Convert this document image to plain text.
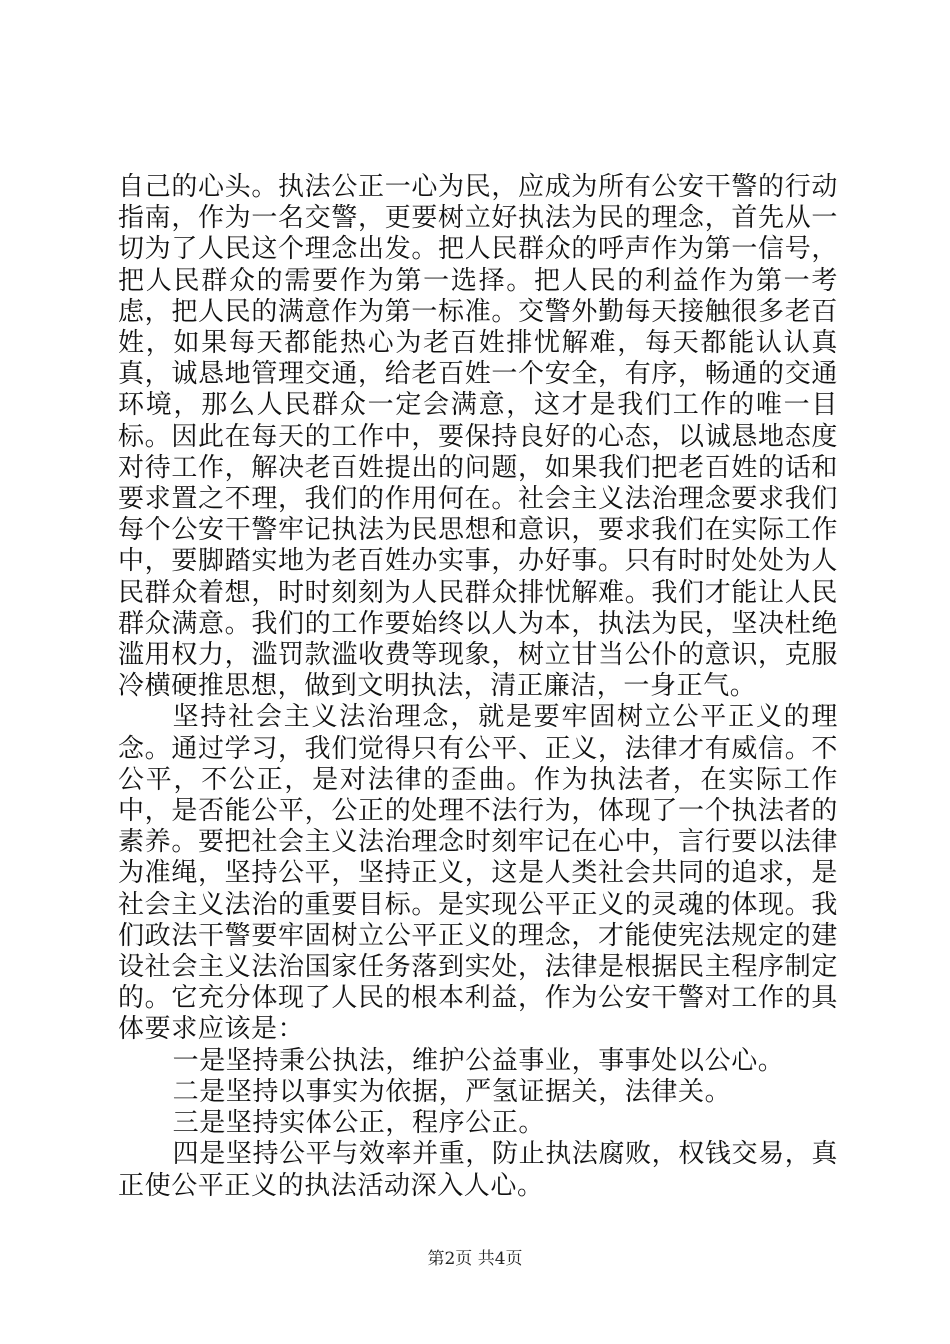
自己的心头。执法公正一心为民，应成为所有公安干警的行动指南，作为一名交警，更要树立好执法为民的理念，首先从一切为了人民这个理念出发。把人民群众的呼声作为第一信号，把人民群众的需要作为第一选择。把人民的利益作为第一考虑，把人民的满意作为第一标准。交警外勤每天接触很多老百姓，如果每天都能热心为老百姓排忧解难，每天都能认认真真，诚恳地管理交通，给老百姓一个安全，有序，畅通的交通环境，那么人民群众一定会满意，这才是我们工作的唯一目标。因此在每天的工作中，要保持良好的心态，以诚恳地态度对待工作，解决老百姓提出的问题，如果我们把老百姓的话和要求置之不理，我们的作用何在。社会主义法治理念要求我们每个公安干警牢记执法为民思想和意识，要求我们在实际工作中，要脚踏实地为老百姓办实事，办好事。只有时时处处为人民群众着想，时时刻刻为人民群众排忧解难。我们才能让人民群众满意。我们的工作要始终以人为本，执法为民，坚决杜绝滥用权力，滥罚款滥收费等现象，树立甘当公仆的意识，克服冷横硬推思想，做到文明执法，清正廉洁，一身正气。

坚持社会主义法治理念，就是要牢固树立公平正义的理念。通过学习，我们觉得只有公平、正义，法律才有威信。不公平，不公正，是对法律的歪曲。作为执法者，在实际工作中，是否能公平，公正的处理不法行为，体现了一个执法者的素养。要把社会主义法治理念时刻牢记在心中，言行要以法律为准绳，坚持公平，坚持正义，这是人类社会共同的追求，是社会主义法治的重要目标。是实现公平正义的灵魂的体现。我们政法干警要牢固树立公平正义的理念，才能使宪法规定的建设社会主义法治国家任务落到实处，法律是根据民主程序制定的。它充分体现了人民的根本利益，作为公安干警对工作的具体要求应该是：

一是坚持秉公执法，维护公益事业，事事处以公心。

二是坚持以事实为依据，严氢证据关，法律关。

三是坚持实体公正，程序公正。

四是坚持公平与效率并重，防止执法腐败，权钱交易，真正使公平正义的执法活动深入人心。

第2页 共4页
